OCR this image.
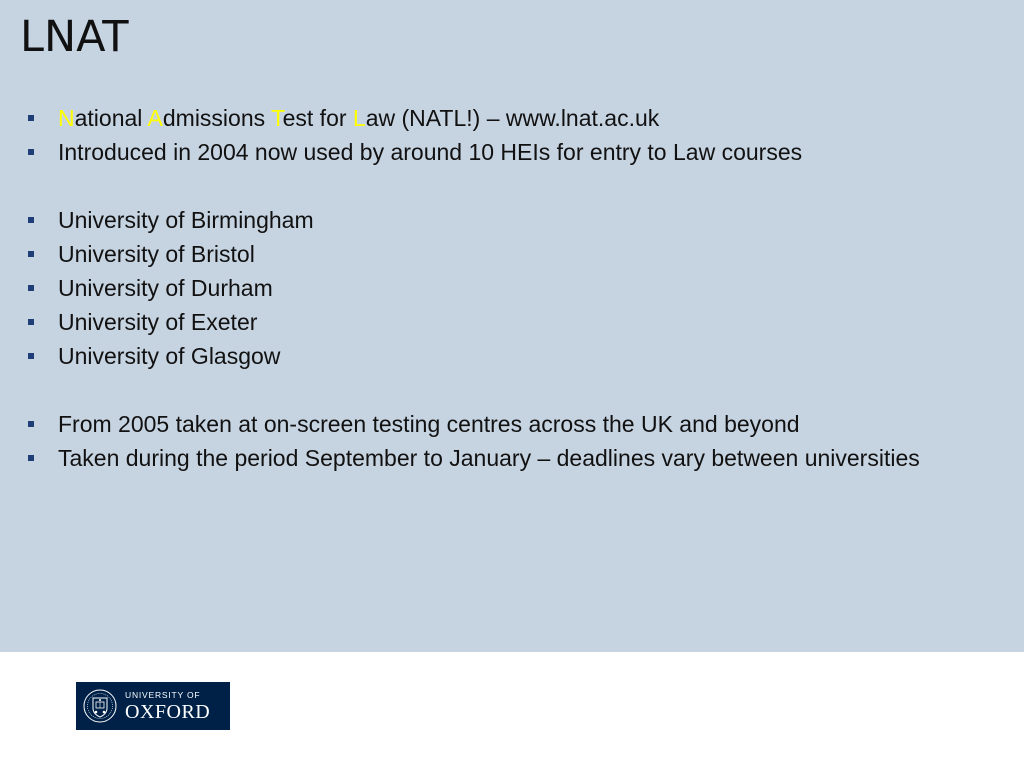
LNAT
National Admissions Test for Law (NATL!) – www.lnat.ac.uk
Introduced in 2004 now used by around 10 HEIs for entry to Law courses
University of Birmingham
University of Bristol
University of Durham
University of Exeter
University of Glasgow
From 2005 taken at on-screen testing centres across the UK and beyond
Taken during the period September to January – deadlines vary between universities
UNIVERSITY OF
OXFORD
